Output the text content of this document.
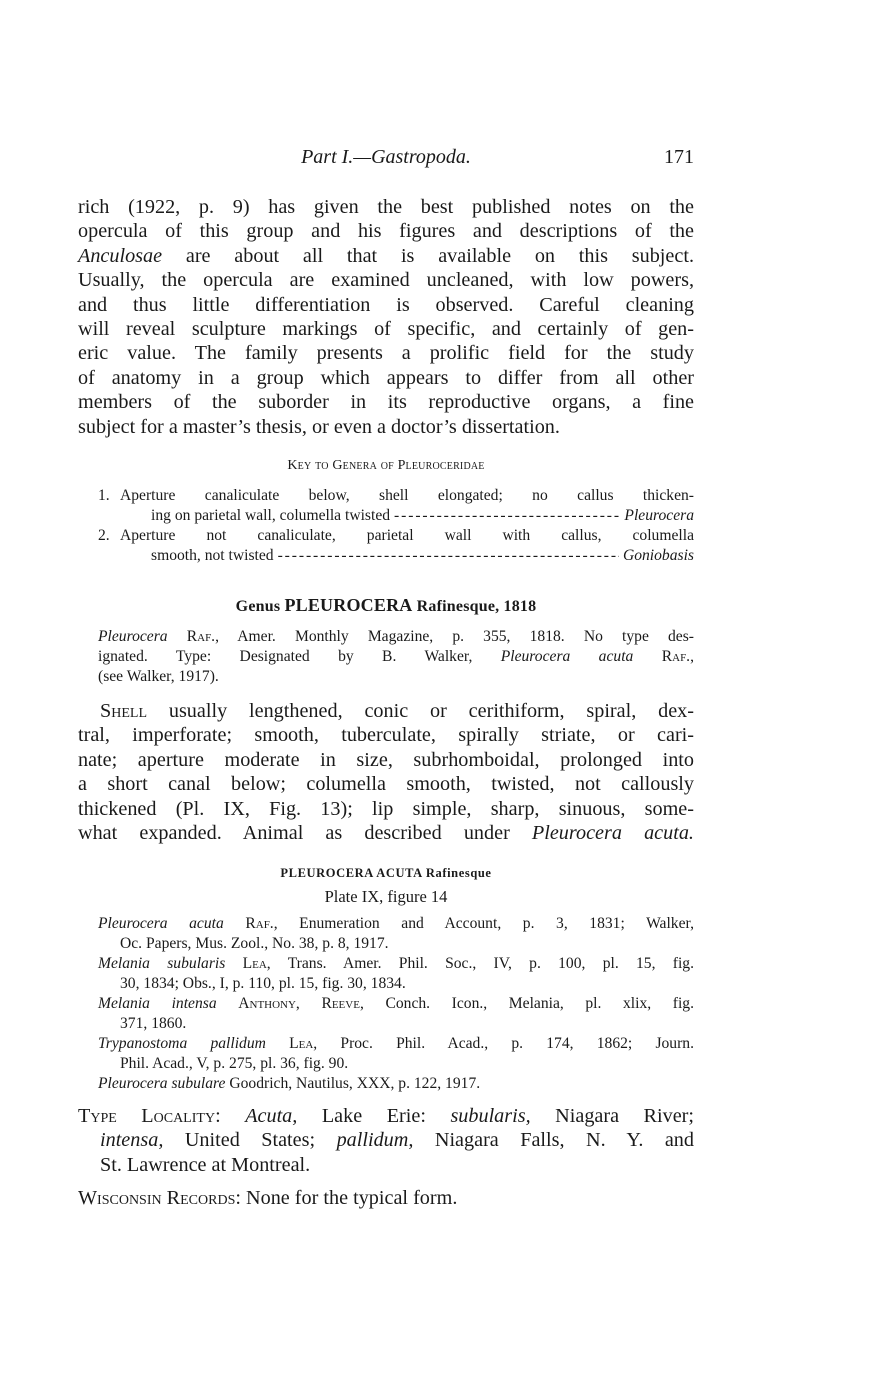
Part I.—Gastropoda.	171
rich (1922, p. 9) has given the best published notes on the
opercula of this group and his figures and descriptions of the
Anculosae are about all that is available on this subject.
Usually, the opercula are examined uncleaned, with low powers,
and thus little differentiation is observed. Careful cleaning
will reveal sculpture markings of specific, and certainly of gen-
eric value. The family presents a prolific field for the study
of anatomy in a group which appears to differ from all other
members of the suborder in its reproductive organs, a fine
subject for a master’s thesis, or even a doctor’s dissertation.
Key to Genera of Pleuroceridae
1. Aperture canaliculate below, shell elongated; no callus thicken-
ing on parietal wall, columella twisted - - -	Pleurocera
2. Aperture not canaliculate, parietal wall with callus, columella
smooth, not twisted - - -	Goniobasis
Genus PLEUROCERA Rafinesque, 1818
Pleurocera Raf., Amer. Monthly Magazine, p. 355, 1818. No type des-
ignated. Type: Designated by B. Walker, Pleurocera acuta Raf.,
(see Walker, 1917).
Shell usually lengthened, conic or cerithiform, spiral, dex-
tral, imperforate; smooth, tuberculate, spirally striate, or cari-
nate; aperture moderate in size, subrhomboidal, prolonged into
a short canal below; columella smooth, twisted, not callously
thickened (Pl. IX, Fig. 13); lip simple, sharp, sinuous, some-
what expanded. Animal as described under Pleurocera acuta.
PLEUROCERA ACUTA Rafinesque
Plate IX, figure 14
Pleurocera acuta Raf., Enumeration and Account, p. 3, 1831; Walker,
Oc. Papers, Mus. Zool., No. 38, p. 8, 1917.
Melania subularis Lea, Trans. Amer. Phil. Soc., IV, p. 100, pl. 15, fig.
30, 1834; Obs., I, p. 110, pl. 15, fig. 30, 1834.
Melania intensa Anthony, Reeve, Conch. Icon., Melania, pl. xlix, fig.
371, 1860.
Trypanostoma pallidum Lea, Proc. Phil. Acad., p. 174, 1862; Journ.
Phil. Acad., V, p. 275, pl. 36, fig. 90.
Pleurocera subulare Goodrich, Nautilus, XXX, p. 122, 1917.
Type Locality: Acuta, Lake Erie: subularis, Niagara River;
intensa, United States; pallidum, Niagara Falls, N. Y. and
St. Lawrence at Montreal.
Wisconsin Records: None for the typical form.
